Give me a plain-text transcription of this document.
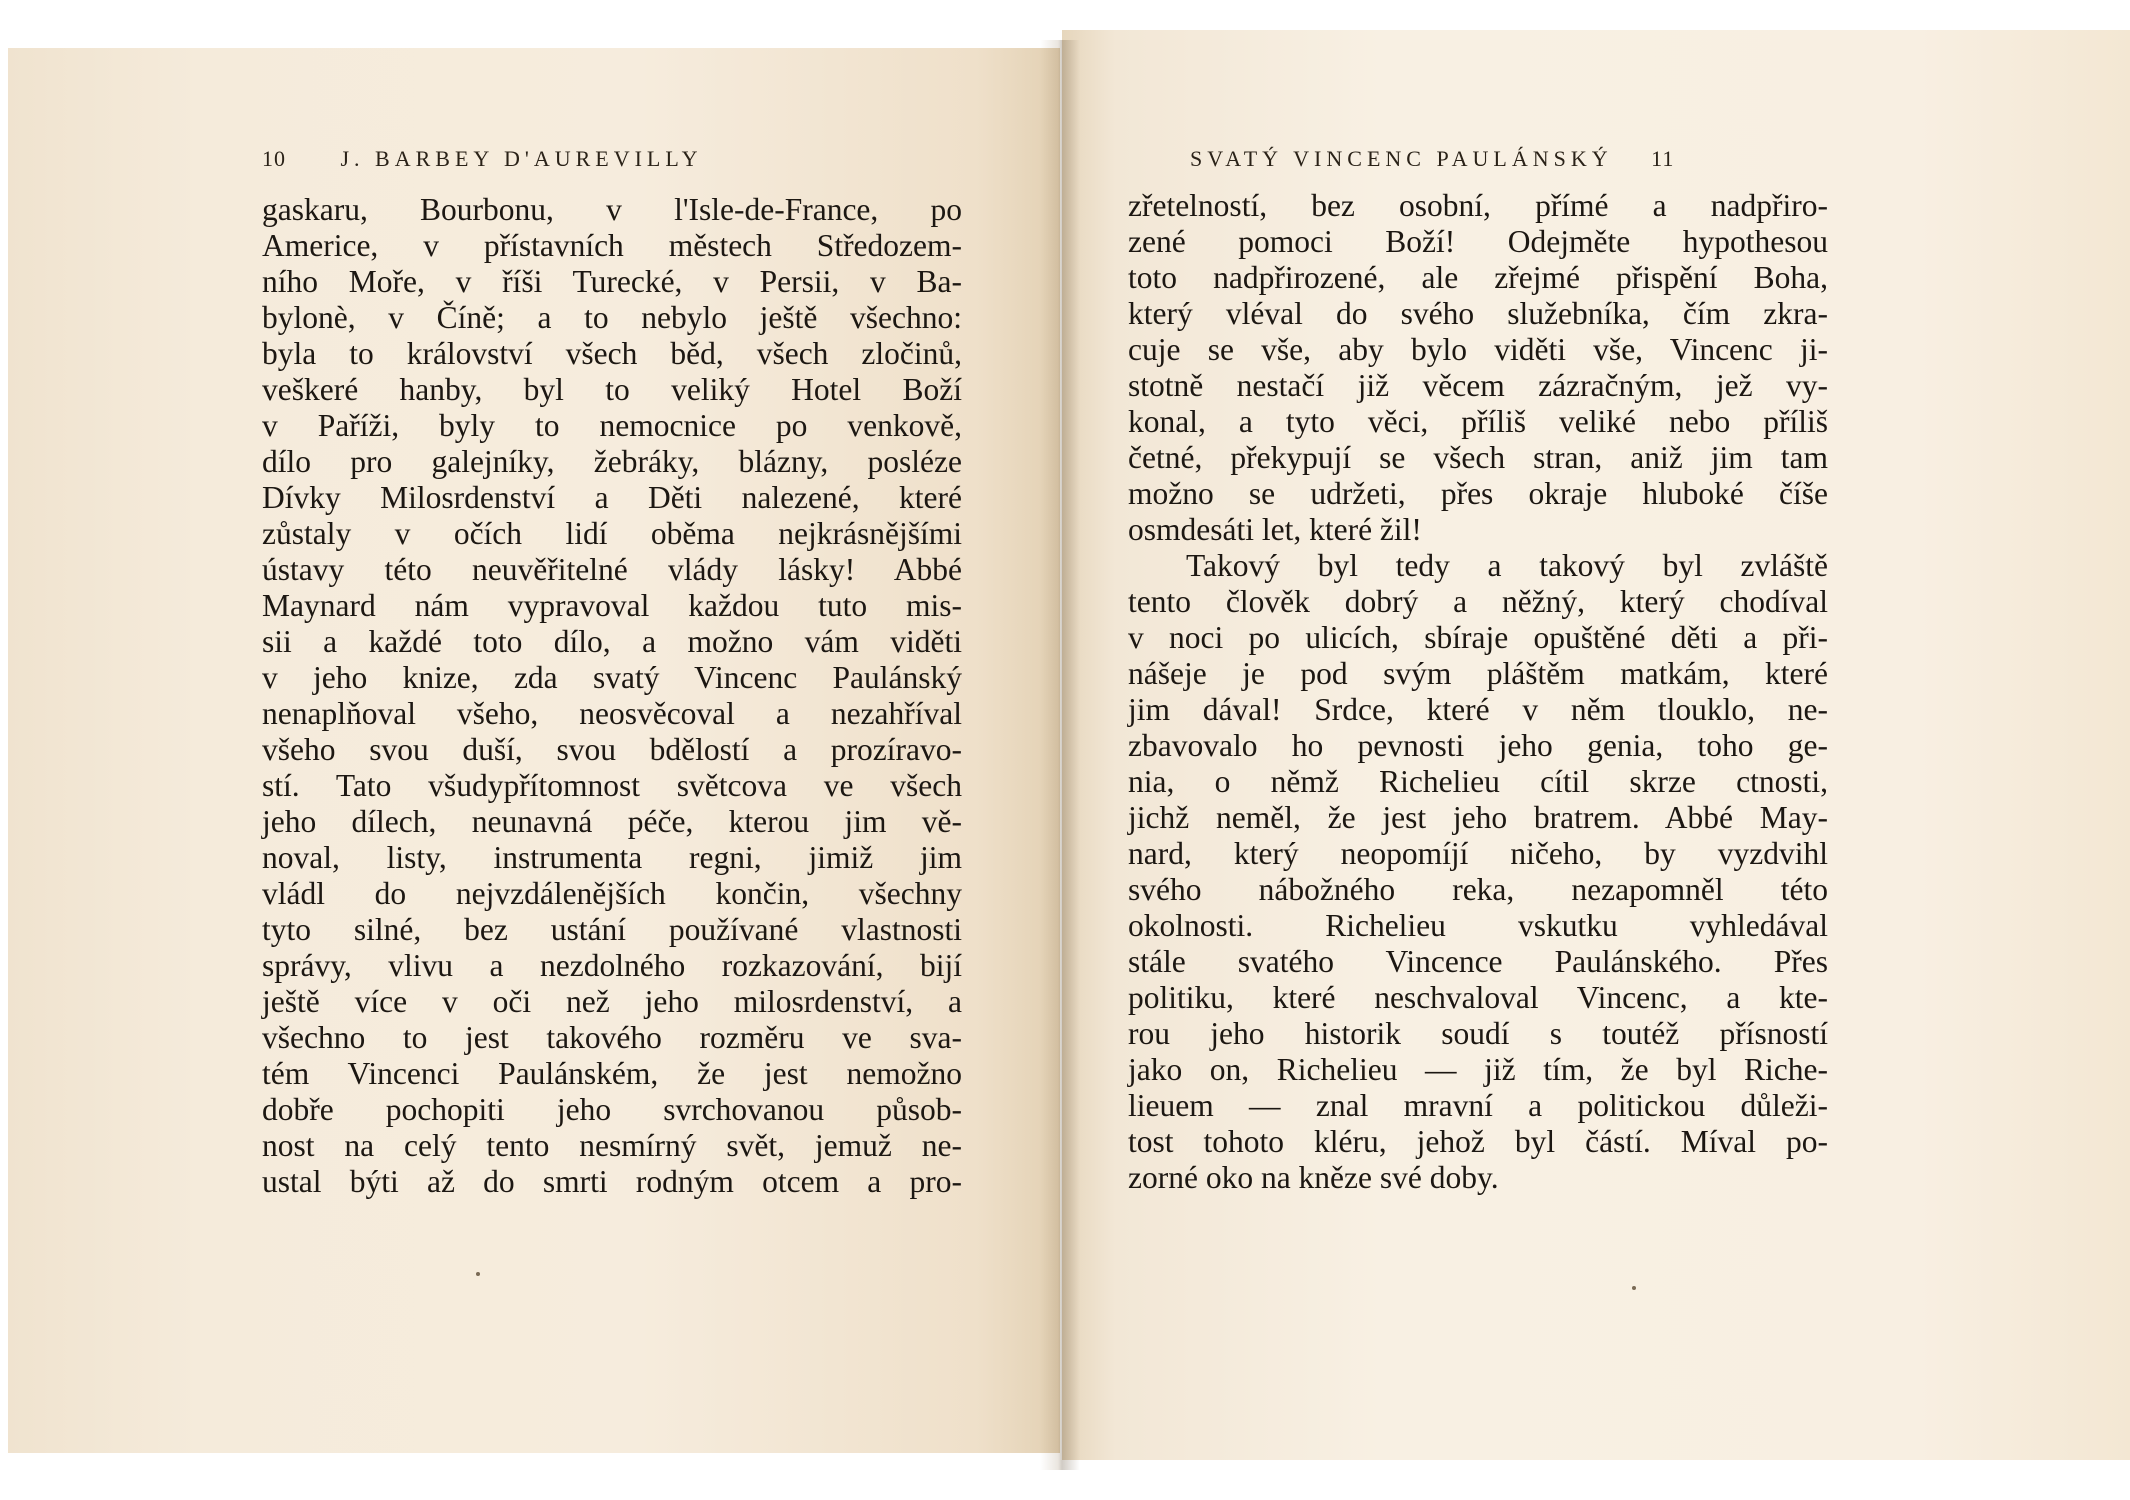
10 J. BARBEY D'AUREVILLY	SVATÝ VINCENC PAULÁNSKÝ 11
gaskaru, Bourbonu, v l'Isle-de-France, po
Americe, v přístavních městech Středozem-
ního Moře, v říši Turecké, v Persii, v Ba-
bylonè, v Číně; a to nebylo ještě všechno:
byla to království všech běd, všech zločinů,
veškeré hanby, byl to veliký Hotel Boží
v Paříži, byly to nemocnice po venkově,
dílo pro galejníky, žebráky, blázny, posléze
Dívky Milosrdenství a Děti nalezené, které
zůstaly v očích lidí oběma nejkrásnějšími
ústavy této neuvěřitelné vlády lásky! Abbé
Maynard nám vypravoval každou tuto mis-
sii a každé toto dílo, a možno vám viděti
v jeho knize, zda svatý Vincenc Paulánský
nenaplňoval všeho, neosvěcoval a nezahříval
všeho svou duší, svou bdělostí a prozíravo-
stí. Tato všudypřítomnost světcova ve všech
jeho dílech, neunavná péče, kterou jim vě-
noval, listy, instrumenta regni, jimiž jim
vládl do nejvzdálenějších končin, všechny
tyto silné, bez ustání používané vlastnosti
správy, vlivu a nezdolného rozkazování, bijí
ještě více v oči než jeho milosrdenství, a
všechno to jest takového rozměru ve sva-
tém Vincenci Paulánském, že jest nemožno
dobře pochopiti jeho svrchovanou působ-
nost na celý tento nesmírný svět, jemuž ne-
ustal býti až do smrti rodným otcem a pro-
zřetelností, bez osobní, přímé a nadpřiro-
zené pomoci Boží! Odejměte hypothesou
toto nadpřirozené, ale zřejmé přispění Boha,
který vléval do svého služebníka, čím zkra-
cuje se vše, aby bylo viděti vše, Vincenc ji-
stotně nestačí již věcem zázračným, jež vy-
konal, a tyto věci, příliš veliké nebo příliš
četné, překypují se všech stran, aniž jim tam
možno se udržeti, přes okraje hluboké číše
osmdesáti let, které žil!
Takový byl tedy a takový byl zvláště
tento člověk dobrý a něžný, který chodíval
v noci po ulicích, sbíraje opuštěné děti a při-
nášeje je pod svým pláštěm matkám, které
jim dával! Srdce, které v něm tlouklo, ne-
zbavovalo ho pevnosti jeho genia, toho ge-
nia, o němž Richelieu cítil skrze ctnosti,
jichž neměl, že jest jeho bratrem. Abbé May-
nard, který neopomíjí ničeho, by vyzdvihl
svého nábožného reka, nezapomněl této
okolnosti. Richelieu vskutku vyhledával
stále svatého Vincence Paulánského. Přes
politiku, které neschvaloval Vincenc, a kte-
rou jeho historik soudí s toutéž přísností
jako on, Richelieu — již tím, že byl Riche-
lieuem — znal mravní a politickou důleži-
tost tohoto kléru, jehož byl částí. Míval po-
zorné oko na kněze své doby.
